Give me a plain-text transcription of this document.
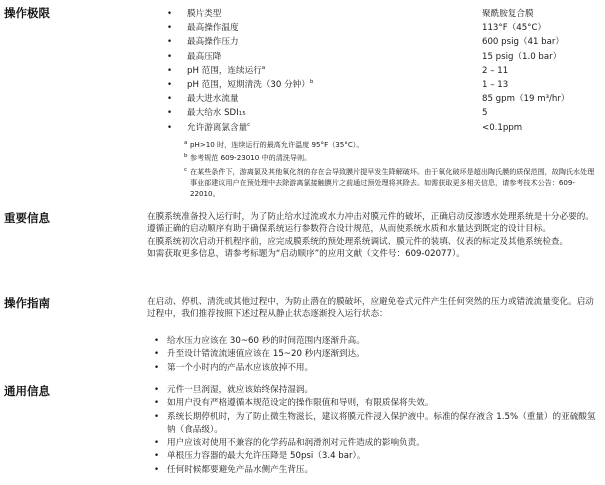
操作极限	• 膜片类型	聚酰胺复合膜
• 最高操作温度	113°F（45°C）
• 最高操作压力	600 psig（41 bar）
• 最高压降	15 psig（1.0 bar）
• pH 范围，连续运行$^a$	2 – 11
• pH 范围，短期清洗（30 分钟）$^b$	1 – 13
• 最大进水流量	85 gpm（19 m³/hr）
• 最大给水 SDI15	5
• 允许游离氯含量$^c$	<0.1ppm
a pH>10 时，连续运行的最高允许温度 95°F（35°C）。
b 参考规范 609-23010 中的清洗导则。
c 在某些条件下，游离氯及其他氧化剂的存在会导致膜片提早发生降解破坏。由于氧化破坏是超出陶氏膜的质保范围，故陶氏水处理事业部建议用户在预处理中去除游离氯接触膜片之前通过预处理将其除去。如需获取更多相关信息，请参考技术公告：609-22010。
重要信息	在膜系统准备投入运行时，为了防止给水过流或水力冲击对膜元件的破坏，正确启动反渗透水处理系统是十分必要的。遵循正确的启动顺序有助于确保系统运行参数符合设计规范，从而使系统水质和水量达到既定的设计目标。

在膜系统初次启动开机程序前，应完成膜系统的预处理系统调试、膜元件的装填、仪表的标定及其他系统检查。

如需获取更多信息，请参考标题为“启动顺序”的应用文献（文件号：609-02077）。

操作指南	在启动、停机、清洗或其他过程中，为防止潜在的膜破坏，应避免卷式元件产生任何突然的压力或错流流量变化。启动过程中，我们推荐按照下述过程从静止状态逐渐投入运行状态：
• 给水压力应该在 30~60 秒的时间范围内逐渐升高。
• 升至设计错流流速值应该在 15~20 秒内逐渐到达。
• 第一个小时内的产品水应该放掉不用。
通用信息	• 元件一旦润湿，就应该始终保持湿润。
• 如用户没有严格遵循本规范设定的操作限值和导则，有限质保将失效。
• 系统长期停机时，为了防止微生物滋长，建议将膜元件浸入保护液中。标准的保存液含 1.5%（重量）的亚硫酸氢钠（食品级）。
• 用户应该对使用不兼容的化学药品和润滑剂对元件造成的影响负责。
• 单根压力容器的最大允许压降是 50psi（3.4 bar）。
• 任何时候都要避免产品水侧产生背压。
